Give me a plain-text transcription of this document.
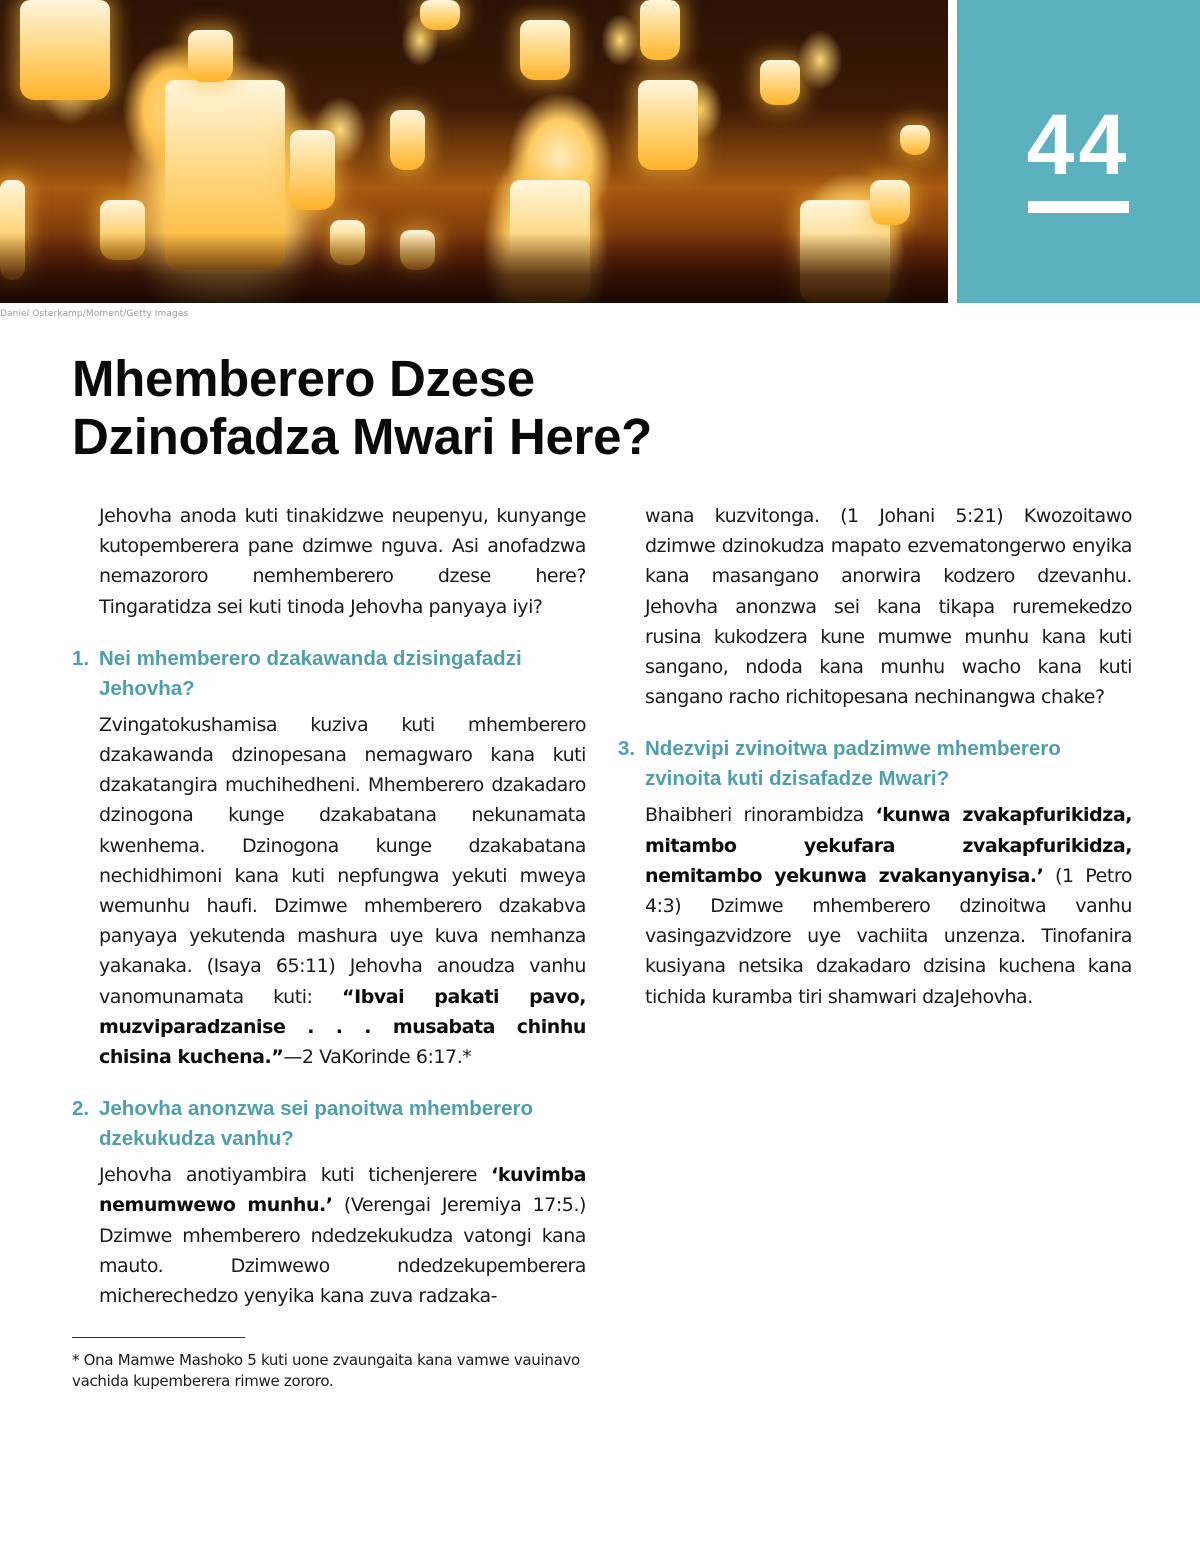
Daniel Osterkamp/Moment/Getty Images
44
Mhemberero Dzese
Dzinofadza Mwari Here?

Jehovha anoda kuti tinakidzwe neupenyu, kunyange kutopemberera pane dzimwe nguva. Asi anofadzwa nemazororo nemhemberero dzese here? Tingaratidza sei kuti tinoda Jehovha panyaya iyi?

1. Nei mhemberero dzakawanda dzisingafadzi Jehovha?

Zvingatokushamisa kuziva kuti mhemberero dzakawanda dzinopesana nemagwaro kana kuti dzakatangira muchihedheni. Mhemberero dzakadaro dzinogona kunge dzakabatana nekunamata kwenhema. Dzinogona kunge dzakabatana nechidhimoni kana kuti nepfungwa yekuti mweya wemunhu haufi. Dzimwe mhemberero dzakabva panyaya yekutenda mashura uye kuva nemhanza yakanaka. (Isaya 65:11) Jehovha anoudza vanhu vanomunamata kuti: “Ibvai pakati pavo, muzviparadzanise . . . musabata chinhu chisina kuchena.”—2 VaKorinde 6:17.*

2. Jehovha anonzwa sei panoitwa mhemberero dzekukudza vanhu?

Jehovha anotiyambira kuti tichenjerere ‘kuvimba nemumwewo munhu.’ (Verengai Jeremiya 17:5.) Dzimwe mhemberero ndedzekukudza vatongi kana mauto. Dzimwewo ndedzekupemberera micherechedzo yenyika kana zuva radzaka-

wana kuzvitonga. (1 Johani 5:21) Kwozoitawo dzimwe dzinokudza mapato ezvematongerwo enyika kana masangano anorwira kodzero dzevanhu. Jehovha anonzwa sei kana tikapa ruremekedzo rusina kukodzera kune mumwe munhu kana kuti sangano, ndoda kana munhu wacho kana kuti sangano racho richitopesana nechinangwa chake?

3. Ndezvipi zvinoitwa padzimwe mhemberero zvinoita kuti dzisafadze Mwari?

Bhaibheri rinorambidza ‘kunwa zvakapfurikidza, mitambo yekufara zvakapfurikidza, nemitambo yekunwa zvakanyanyisa.’ (1 Petro 4:3) Dzimwe mhemberero dzinoitwa vanhu vasingazvidzore uye vachiita unzenza. Tinofanira kusiyana netsika dzakadaro dzisina kuchena kana tichida kuramba tiri shamwari dzaJehovha.

* Ona Mamwe Mashoko 5 kuti uone zvaungaita kana vamwe vauinavo vachida kupemberera rimwe zororo.
